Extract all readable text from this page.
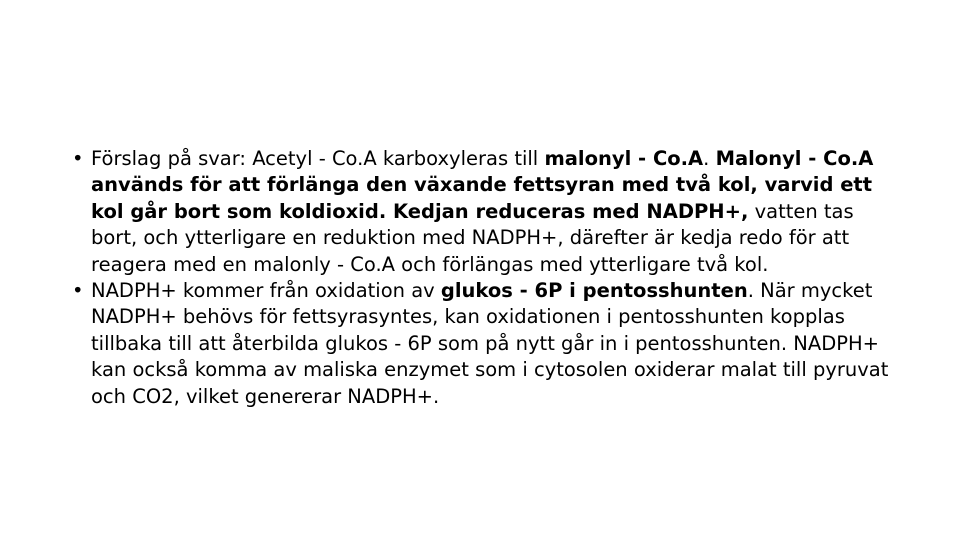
• Förslag på svar: Acetyl - Co.A karboxyleras till malonyl - Co.A. Malonyl - Co.A används för att förlänga den växande fettsyran med två kol, varvid ett kol går bort som koldioxid. Kedjan reduceras med NADPH+, vatten tas bort, och ytterligare en reduktion med NADPH+, därefter är kedja redo för att reagera med en malonly - Co.A och förlängas med ytterligare två kol.
• NADPH+ kommer från oxidation av glukos - 6P i pentosshunten. När mycket NADPH+ behövs för fettsyrasyntes, kan oxidationen i pentosshunten kopplas tillbaka till att återbilda glukos - 6P som på nytt går in i pentosshunten. NADPH+ kan också komma av maliska enzymet som i cytosolen oxiderar malat till pyruvat och CO2, vilket genererar NADPH+.
